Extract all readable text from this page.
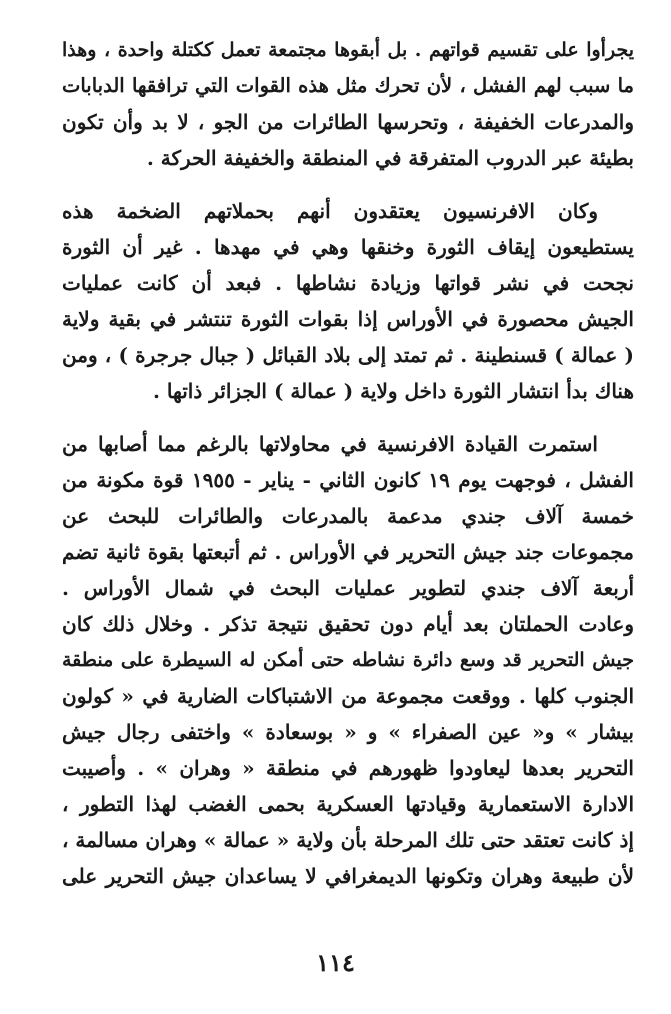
يجرأوا على تقسيم قواتهم . بل أبقوها مجتمعة تعمل ككتلة واحدة ، وهذا
ما سبب لهم الفشل ، لأن تحرك مثل هذه القوات التي ترافقها الدبابات
والمدرعات الخفيفة ، وتحرسها الطائرات من الجو ، لا بد وأن تكون
بطيئة عبر الدروب المتفرقة في المنطقة والخفيفة الحركة .
وكان الافرنسيون يعتقدون أنهم بحملاتهم الضخمة هذه
يستطيعون إيقاف الثورة وخنقها وهي في مهدها . غير أن الثورة
نجحت في نشر قواتها وزيادة نشاطها . فبعد أن كانت عمليات
الجيش محصورة في الأوراس إذا بقوات الثورة تنتشر في بقية ولاية
( عمالة ) قسنطينة . ثم تمتد إلى بلاد القبائل ( جبال جرجرة ) ، ومن
هناك بدأ انتشار الثورة داخل ولاية ( عمالة ) الجزائر ذاتها .
استمرت القيادة الافرنسية في محاولاتها بالرغم مما أصابها من
الفشل ، فوجهت يوم ١٩ كانون الثاني - يناير - ١٩٥٥ قوة مكونة من
خمسة آلاف جندي مدعمة بالمدرعات والطائرات للبحث عن
مجموعات جند جيش التحرير في الأوراس . ثم أتبعتها بقوة ثانية تضم
أربعة آلاف جندي لتطوير عمليات البحث في شمال الأوراس .
وعادت الحملتان بعد أيام دون تحقيق نتيجة تذكر . وخلال ذلك كان
جيش التحرير قد وسع دائرة نشاطه حتى أمكن له السيطرة على منطقة
الجنوب كلها . ووقعت مجموعة من الاشتباكات الضارية في « كولون
بيشار » و« عين الصفراء » و « بوسعادة » واختفى رجال جيش
التحرير بعدها ليعاودوا ظهورهم في منطقة « وهران » . وأصيبت
الادارة الاستعمارية وقيادتها العسكرية بحمى الغضب لهذا التطور ،
إذ كانت تعتقد حتى تلك المرحلة بأن ولاية « عمالة » وهران مسالمة ،
لأن طبيعة وهران وتكونها الديمغرافي لا يساعدان جيش التحرير على
١١٤
